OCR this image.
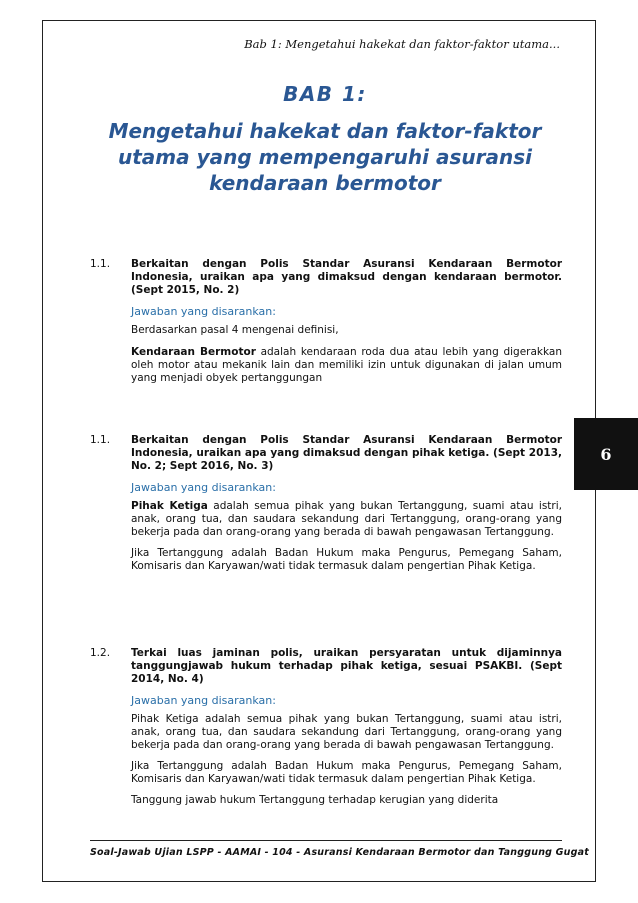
Bab 1: Mengetahui hakekat dan faktor-faktor utama...
BAB 1:
Mengetahui hakekat dan faktor-faktor
utama yang mempengaruhi asuransi
kendaraan bermotor
6
1.1. Berkaitan dengan Polis Standar Asuransi Kendaraan Bermotor Indonesia, uraikan apa yang dimaksud dengan kendaraan bermotor. (Sept 2015, No. 2)
Jawaban yang disarankan:
Berdasarkan pasal 4 mengenai definisi,
Kendaraan Bermotor adalah kendaraan roda dua atau lebih yang digerakkan oleh motor atau mekanik lain dan memiliki izin untuk digunakan di jalan umum yang menjadi obyek pertanggungan
1.1. Berkaitan dengan Polis Standar Asuransi Kendaraan Bermotor Indonesia, uraikan apa yang dimaksud dengan pihak ketiga. (Sept 2013, No. 2; Sept 2016, No. 3)
Jawaban yang disarankan:
Pihak Ketiga adalah semua pihak yang bukan Tertanggung, suami atau istri, anak, orang tua, dan saudara sekandung dari Tertanggung, orang-orang yang bekerja pada dan orang-orang yang berada di bawah pengawasan Tertanggung.
Jika Tertanggung adalah Badan Hukum maka Pengurus, Pemegang Saham, Komisaris dan Karyawan/wati tidak termasuk dalam pengertian Pihak Ketiga.
1.2. Terkai luas jaminan polis, uraikan persyaratan untuk dijaminnya tanggungjawab hukum terhadap pihak ketiga, sesuai PSAKBI. (Sept 2014, No. 4)
Jawaban yang disarankan:
Pihak Ketiga adalah semua pihak yang bukan Tertanggung, suami atau istri, anak, orang tua, dan saudara sekandung dari Tertanggung, orang-orang yang bekerja pada dan orang-orang yang berada di bawah pengawasan Tertanggung.
Jika Tertanggung adalah Badan Hukum maka Pengurus, Pemegang Saham, Komisaris dan Karyawan/wati tidak termasuk dalam pengertian Pihak Ketiga.
Tanggung jawab hukum Tertanggung terhadap kerugian yang diderita
Soal-Jawab Ujian LSPP - AAMAI - 104 - Asuransi Kendaraan Bermotor dan Tanggung Gugat
